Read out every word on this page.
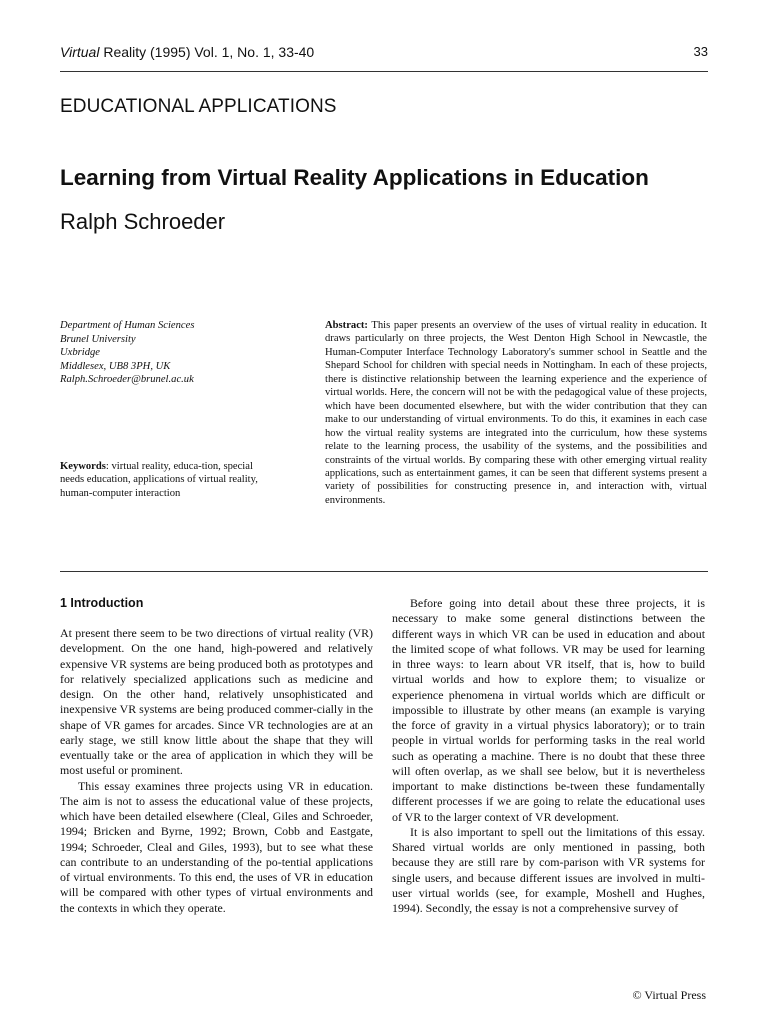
Virtual Reality (1995) Vol. 1, No. 1, 33-40	33
EDUCATIONAL APPLICATIONS
Learning from Virtual Reality Applications in Education
Ralph Schroeder
Department of Human Sciences
Brunel University
Uxbridge
Middlesex, UB8 3PH, UK
Ralph.Schroeder@brunel.ac.uk
Keywords: virtual reality, educa-tion, special needs education, applications of virtual reality, human-computer interaction
Abstract: This paper presents an overview of the uses of virtual reality in education. It draws particularly on three projects, the West Denton High School in Newcastle, the Human-Computer Interface Technology Laboratory's summer school in Seattle and the Shepard School for children with special needs in Nottingham. In each of these projects, there is distinctive relationship between the learning experience and the experience of virtual worlds. Here, the concern will not be with the pedagogical value of these projects, which have been documented elsewhere, but with the wider contribution that they can make to our understanding of virtual environments. To do this, it examines in each case how the virtual reality systems are integrated into the curriculum, how these systems relate to the learning process, the usability of the systems, and the possibilities and constraints of the virtual worlds. By comparing these with other emerging virtual reality applications, such as entertainment games, it can be seen that different systems present a variety of possibilities for constructing presence in, and interaction with, virtual environments.
1 Introduction

At present there seem to be two directions of virtual reality (VR) development. On the one hand, high-powered and relatively expensive VR systems are being produced both as prototypes and for relatively specialized applications such as medicine and design. On the other hand, relatively unsophisticated and inexpensive VR systems are being produced commer-cially in the shape of VR games for arcades. Since VR technologies are at an early stage, we still know little about the shape that they will eventually take or the area of application in which they will be most useful or prominent.

This essay examines three projects using VR in education. The aim is not to assess the educational value of these projects, which have been detailed elsewhere (Cleal, Giles and Schroeder, 1994; Bricken and Byrne, 1992; Brown, Cobb and Eastgate, 1994; Schroeder, Cleal and Giles, 1993), but to see what these can contribute to an understanding of the po-tential applications of virtual environments. To this end, the uses of VR in education will be compared with other types of virtual environments and the contexts in which they operate.

Before going into detail about these three projects, it is necessary to make some general distinctions between the different ways in which VR can be used in education and about the limited scope of what follows. VR may be used for learning in three ways: to learn about VR itself, that is, how to build virtual worlds and how to explore them; to visualize or experience phenomena in virtual worlds which are difficult or impossible to illustrate by other means (an example is varying the force of gravity in a virtual physics laboratory); or to train people in virtual worlds for performing tasks in the real world such as operating a machine. There is no doubt that these three will often overlap, as we shall see below, but it is nevertheless important to make distinctions be-tween these fundamentally different processes if we are going to relate the educational uses of VR to the larger context of VR development.

It is also important to spell out the limitations of this essay. Shared virtual worlds are only mentioned in passing, both because they are still rare by com-parison with VR systems for single users, and because different issues are involved in multi-user virtual worlds (see, for example, Moshell and Hughes, 1994). Secondly, the essay is not a comprehensive survey of

© Virtual Press
